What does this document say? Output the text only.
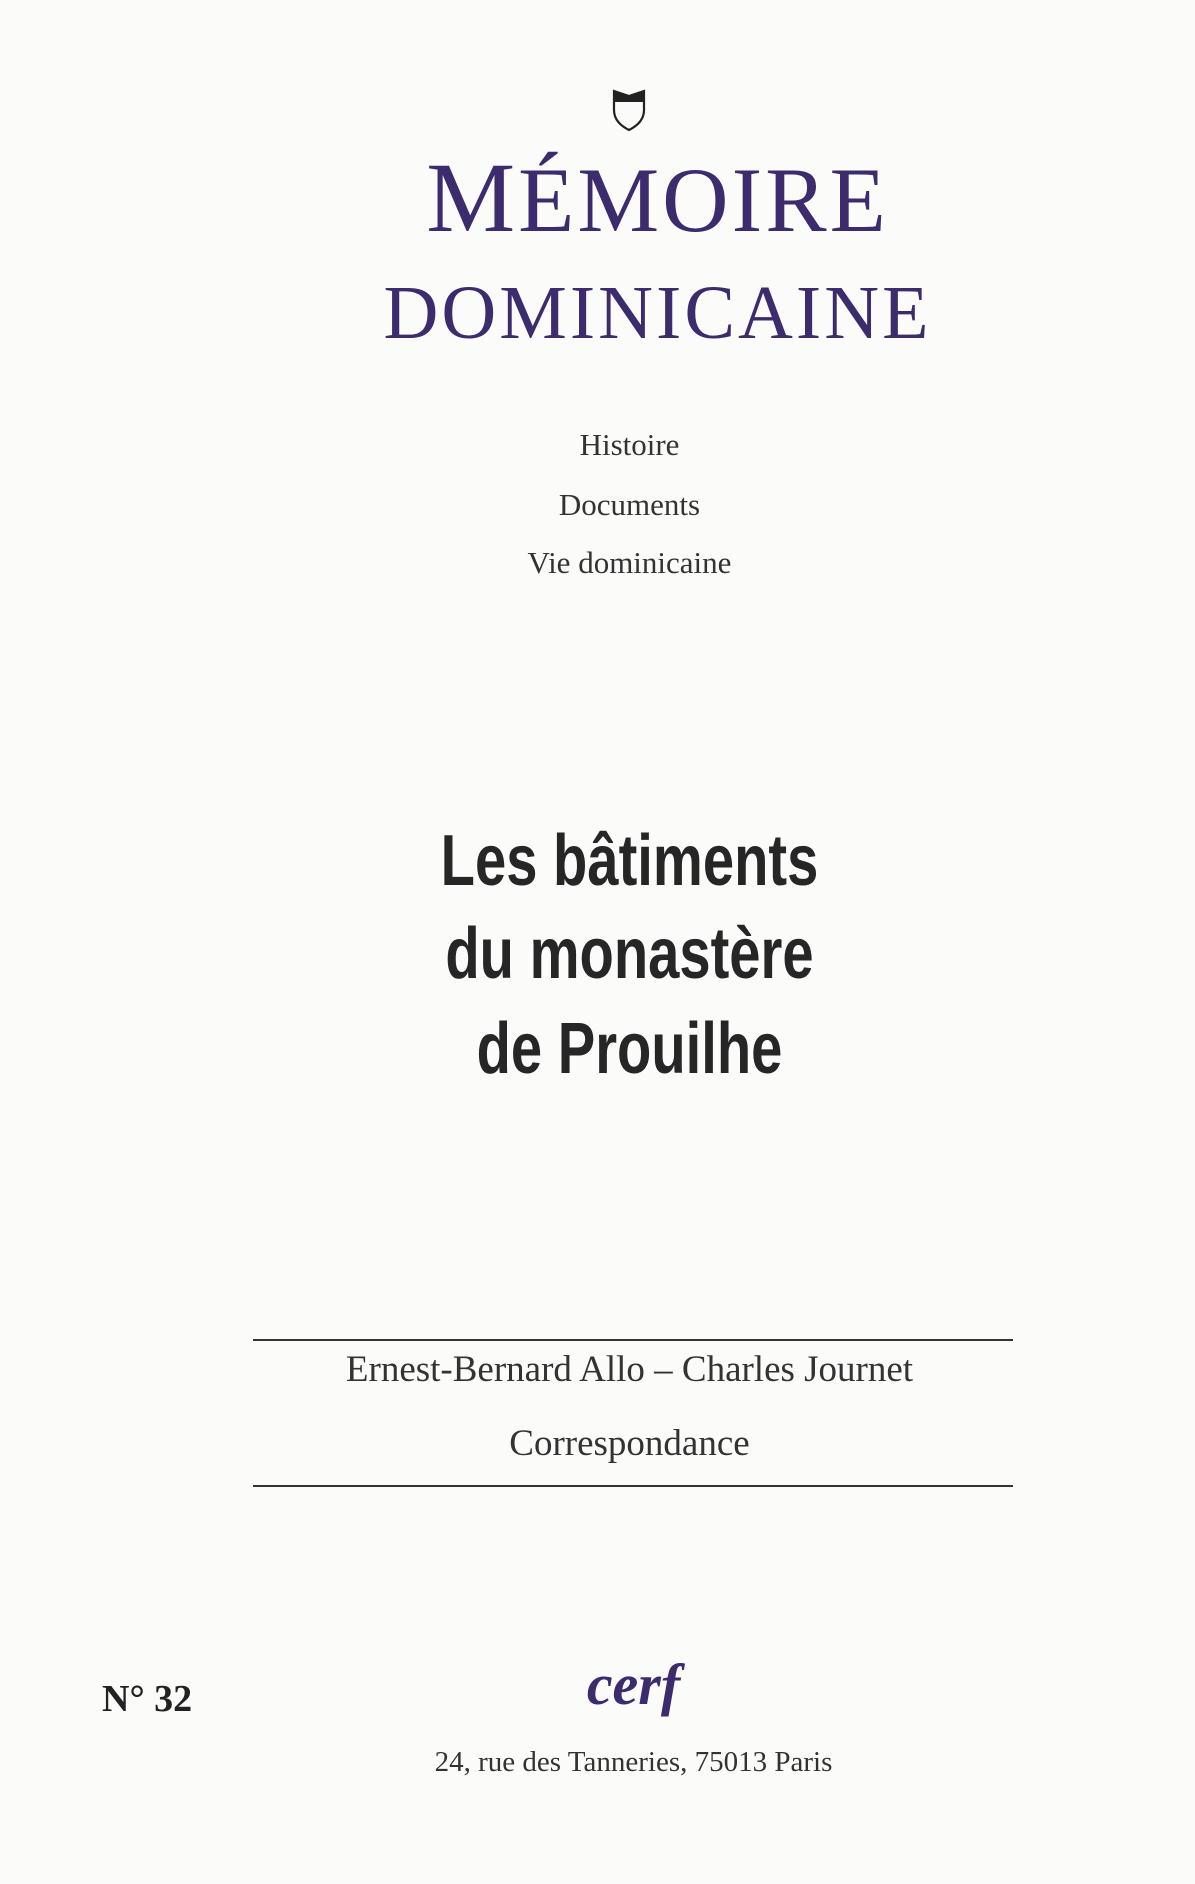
MÉMOIRE
DOMINICAINE
Histoire
Documents
Vie dominicaine
Les bâtiments
du monastère
de Prouilhe
Ernest-Bernard Allo – Charles Journet
Correspondance
N° 32	cerf
24, rue des Tanneries, 75013 Paris
